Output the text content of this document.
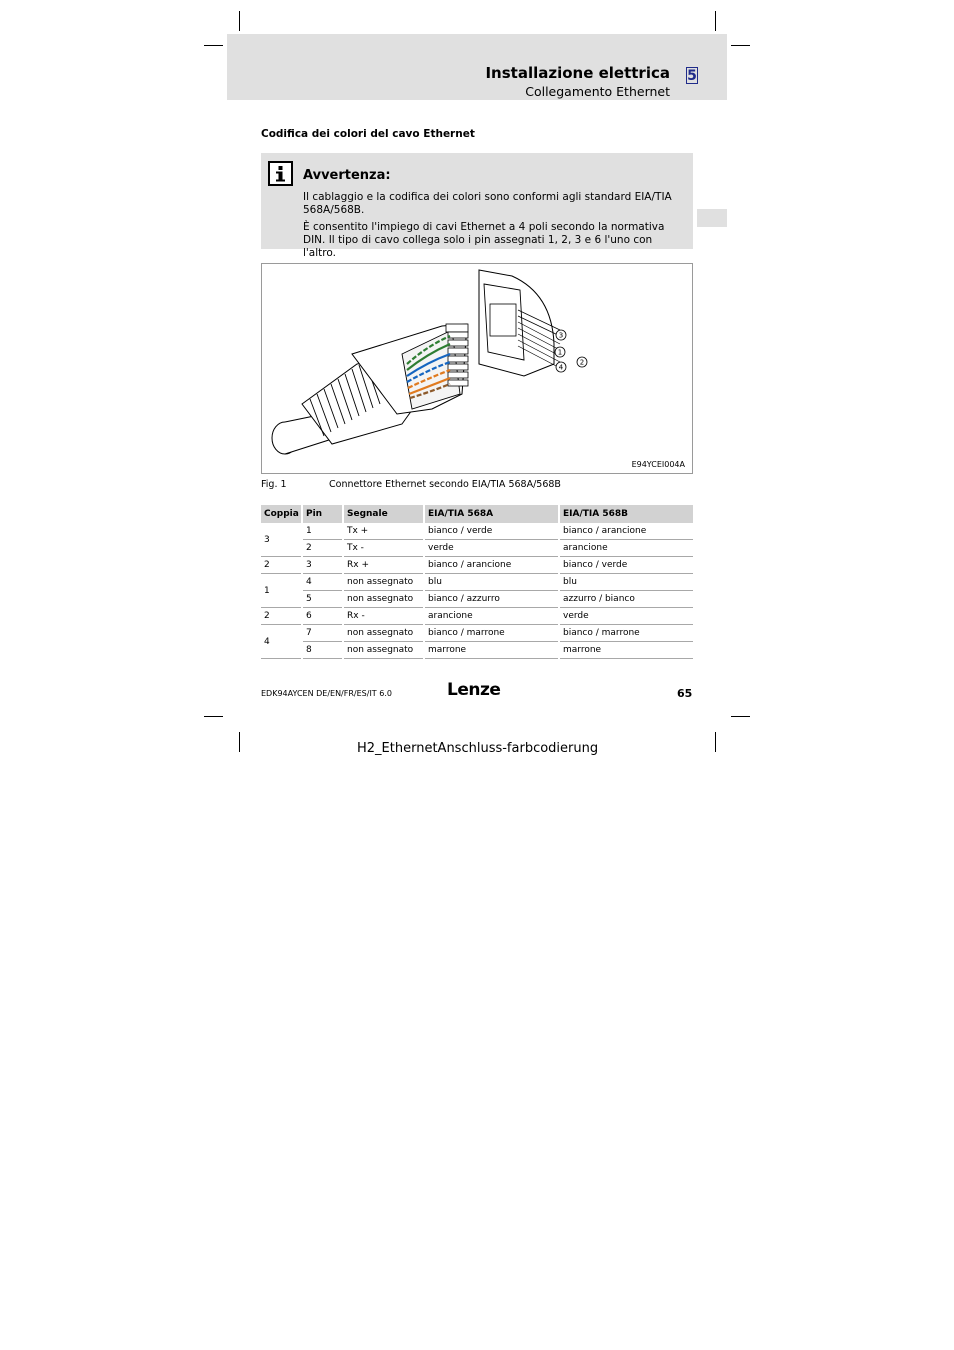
Installazione elettrica
Collegamento Ethernet
5
Codifica dei colori del cavo Ethernet
Avvertenza:
Il cablaggio e la codifica dei colori sono conformi agli standard EIA/TIA 568A/568B.
È consentito l'impiego di cavi Ethernet a 4 poli secondo la normativa DIN. Il tipo di cavo collega solo i pin assegnati 1, 2, 3 e 6 l'uno con l'altro.
3
1
2
4
E94YCEI004A
Fig. 1	Connettore Ethernet secondo EIA/TIA 568A/568B
Coppia	Pin	Segnale	EIA/TIA 568A	EIA/TIA 568B
3	1	Tx +	bianco / verde	bianco / arancione
	2	Tx -	verde	arancione
2	3	Rx +	bianco / arancione	bianco / verde
1	4	non assegnato	blu	blu
	5	non assegnato	bianco / azzurro	azzurro / bianco
2	6	Rx -	arancione	verde
4	7	non assegnato	bianco / marrone	bianco / marrone
	8	non assegnato	marrone	marrone
EDK94AYCEN DE/EN/FR/ES/IT 6.0	Lenze	65
H2_EthernetAnschluss-farbcodierung
